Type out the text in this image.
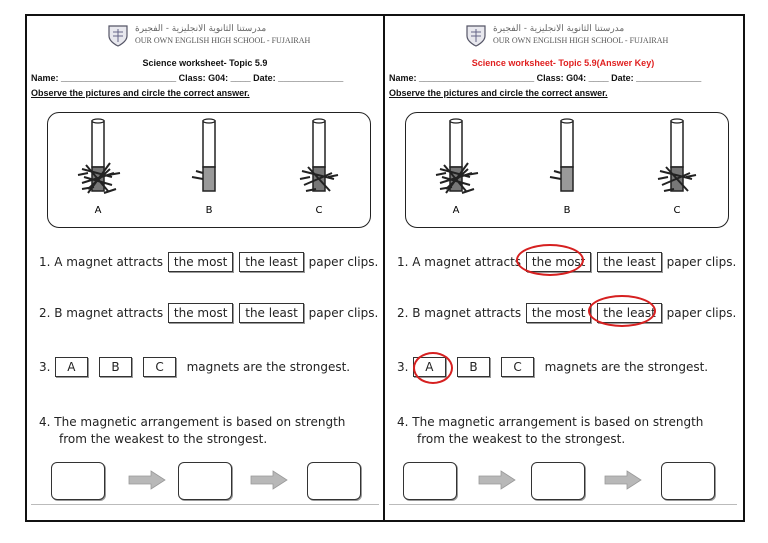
مدرستنا الثانوية الانجليزية - الفجيرة
OUR OWN ENGLISH HIGH SCHOOL - FUJAIRAH
Science worksheet- Topic 5.9
Name: _______________________ Class: G04: ____ Date: _____________
Observe the pictures and circle the correct answer.
A	B	C
1. A magnet attracts the most the least paper clips.
2. B magnet attracts the most the least paper clips.
3. A	B	C magnets are the strongest.
4. The magnetic arrangement is based on strength
from the weakest to the strongest.
مدرستنا الثانوية الانجليزية - الفجيرة
OUR OWN ENGLISH HIGH SCHOOL - FUJAIRAH
Science worksheet- Topic 5.9(Answer Key)
Name: _______________________ Class: G04: ____ Date: _____________
Observe the pictures and circle the correct answer.
A	B	C
1. A magnet attracts the most the least paper clips.
2. B magnet attracts the most the least paper clips.
3. A	B	C magnets are the strongest.
4. The magnetic arrangement is based on strength
from the weakest to the strongest.
